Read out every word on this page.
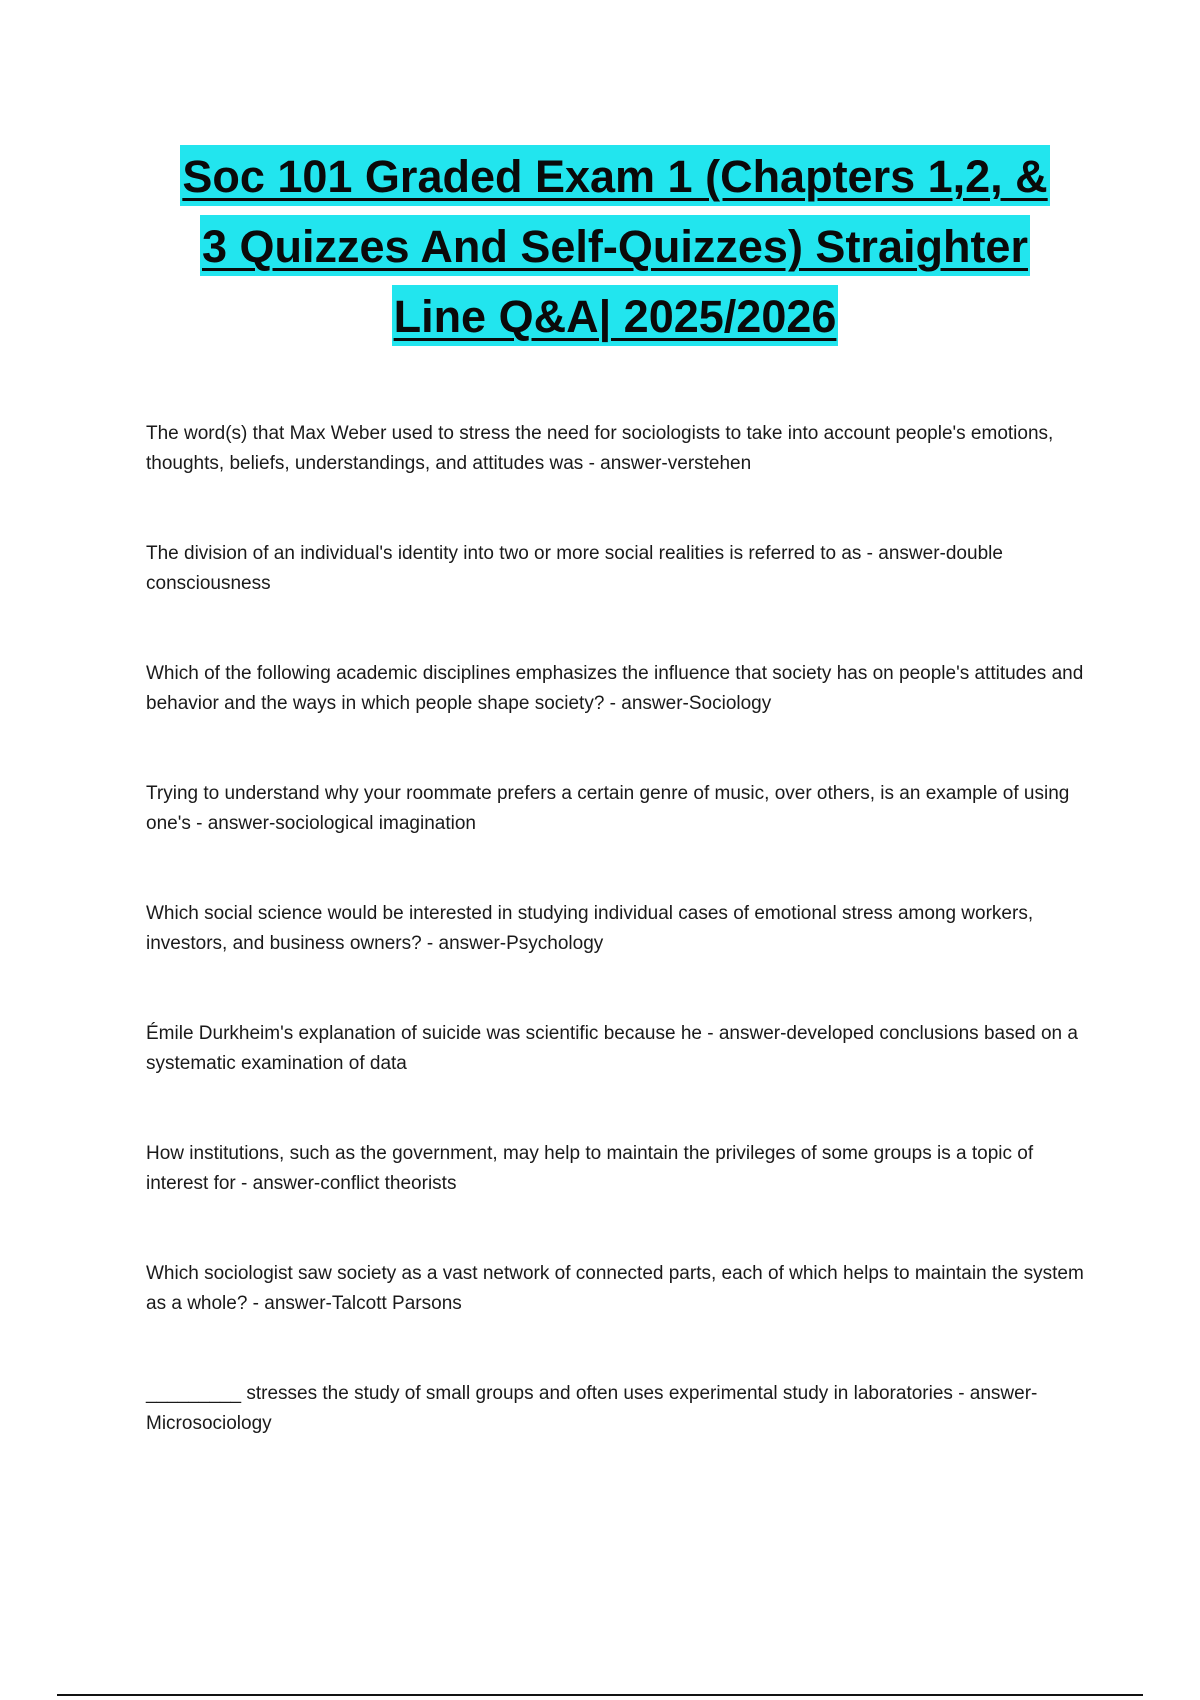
Soc 101 Graded Exam 1 (Chapters 1,2, &
3 Quizzes And Self-Quizzes) Straighter
Line Q&A| 2025/2026

The word(s) that Max Weber used to stress the need for sociologists to take into account people's emotions, thoughts, beliefs, understandings, and attitudes was - answer-verstehen

The division of an individual's identity into two or more social realities is referred to as - answer-double consciousness

Which of the following academic disciplines emphasizes the influence that society has on people's attitudes and behavior and the ways in which people shape society? - answer-Sociology

Trying to understand why your roommate prefers a certain genre of music, over others, is an example of using one's - answer-sociological imagination

Which social science would be interested in studying individual cases of emotional stress among workers, investors, and business owners? - answer-Psychology

Émile Durkheim's explanation of suicide was scientific because he - answer-developed conclusions based on a systematic examination of data

How institutions, such as the government, may help to maintain the privileges of some groups is a topic of interest for - answer-conflict theorists

Which sociologist saw society as a vast network of connected parts, each of which helps to maintain the system as a whole? - answer-Talcott Parsons

_________ stresses the study of small groups and often uses experimental study in laboratories - answer-Microsociology
